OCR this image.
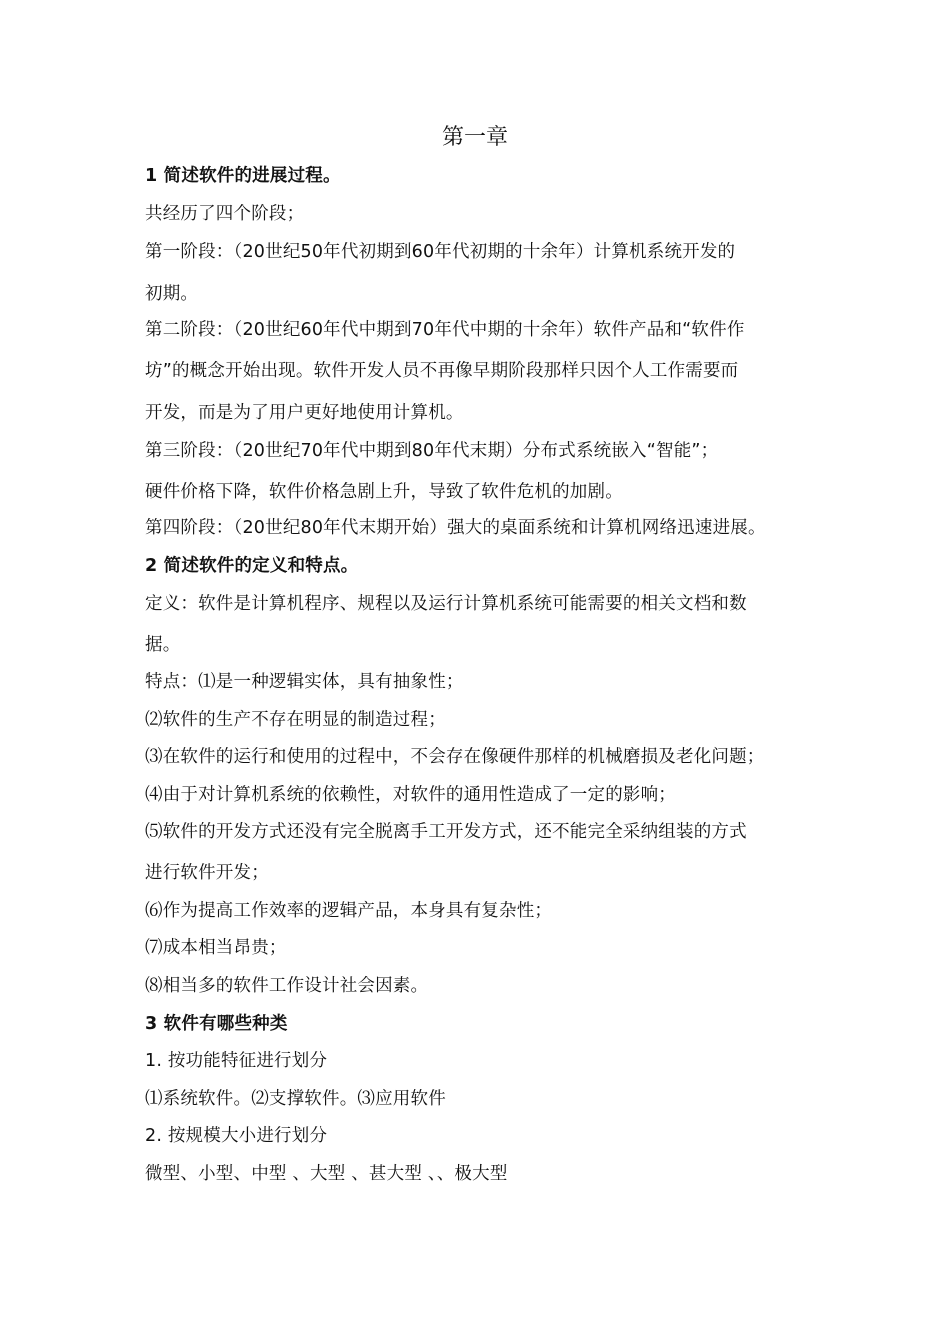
第一章
1 简述软件的进展过程。
共经历了四个阶段；
第一阶段：（20世纪50年代初期到60年代初期的十余年）计算机系统开发的
初期。
第二阶段：（20世纪60年代中期到70年代中期的十余年）软件产品和“软件作
坊”的概念开始出现。软件开发人员不再像早期阶段那样只因个人工作需要而
开发，而是为了用户更好地使用计算机。
第三阶段：（20世纪70年代中期到80年代末期）分布式系统嵌入“智能”；
硬件价格下降，软件价格急剧上升，导致了软件危机的加剧。
第四阶段：（20世纪80年代末期开始）强大的桌面系统和计算机网络迅速进展。
2 简述软件的定义和特点。
定义：软件是计算机程序、规程以及运行计算机系统可能需要的相关文档和数
据。
特点：⑴是一种逻辑实体，具有抽象性；
⑵软件的生产不存在明显的制造过程；
⑶在软件的运行和使用的过程中，不会存在像硬件那样的机械磨损及老化问题；
⑷由于对计算机系统的依赖性，对软件的通用性造成了一定的影响；
⑸软件的开发方式还没有完全脱离手工开发方式，还不能完全采纳组装的方式
进行软件开发；
⑹作为提高工作效率的逻辑产品，本身具有复杂性；
⑺成本相当昂贵；
⑻相当多的软件工作设计社会因素。
3 软件有哪些种类
1. 按功能特征进行划分
⑴系统软件。⑵支撑软件。⑶应用软件
2. 按规模大小进行划分
微型、小型、中型 、大型 、甚大型 、、极大型
